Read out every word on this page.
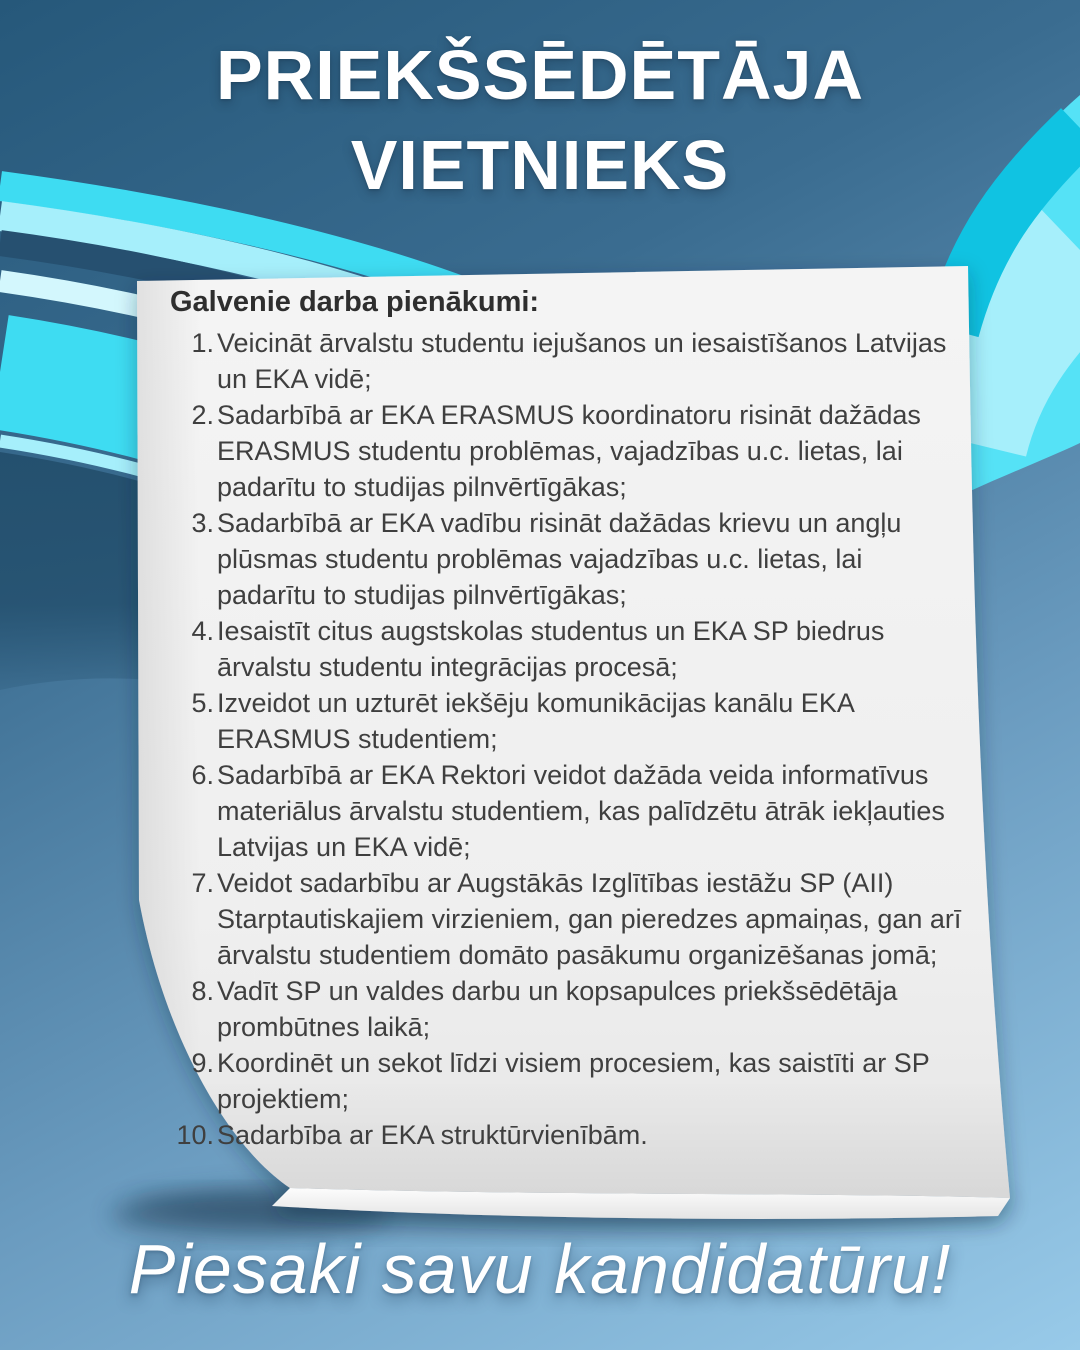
PRIEKŠSĒDĒTĀJA
VIETNIEKS
Galvenie darba pienākumi:
1. Veicināt ārvalstu studentu iejušanos un iesaistīšanos Latvijas un EKA vidē;
2. Sadarbībā ar EKA ERASMUS koordinatoru risināt dažādas ERASMUS studentu problēmas, vajadzības u.c. lietas, lai padarītu to studijas pilnvērtīgākas;
3. Sadarbībā ar EKA vadību risināt dažādas krievu un angļu plūsmas studentu problēmas vajadzības u.c. lietas, lai padarītu to studijas pilnvērtīgākas;
4. Iesaistīt citus augstskolas studentus un EKA SP biedrus ārvalstu studentu integrācijas procesā;
5. Izveidot un uzturēt iekšēju komunikācijas kanālu EKA ERASMUS studentiem;
6. Sadarbībā ar EKA Rektori veidot dažāda veida informatīvus materiālus ārvalstu studentiem, kas palīdzētu ātrāk iekļauties Latvijas un EKA vidē;
7. Veidot sadarbību ar Augstākās Izglītības iestāžu SP (AII) Starptautiskajiem virzieniem, gan pieredzes apmaiņas, gan arī ārvalstu studentiem domāto pasākumu organizēšanas jomā;
8. Vadīt SP un valdes darbu un kopsapulces priekšsēdētāja prombūtnes laikā;
9. Koordinēt un sekot līdzi visiem procesiem, kas saistīti ar SP projektiem;
10. Sadarbība ar EKA struktūrvienībām.
Piesaki savu kandidatūru!
